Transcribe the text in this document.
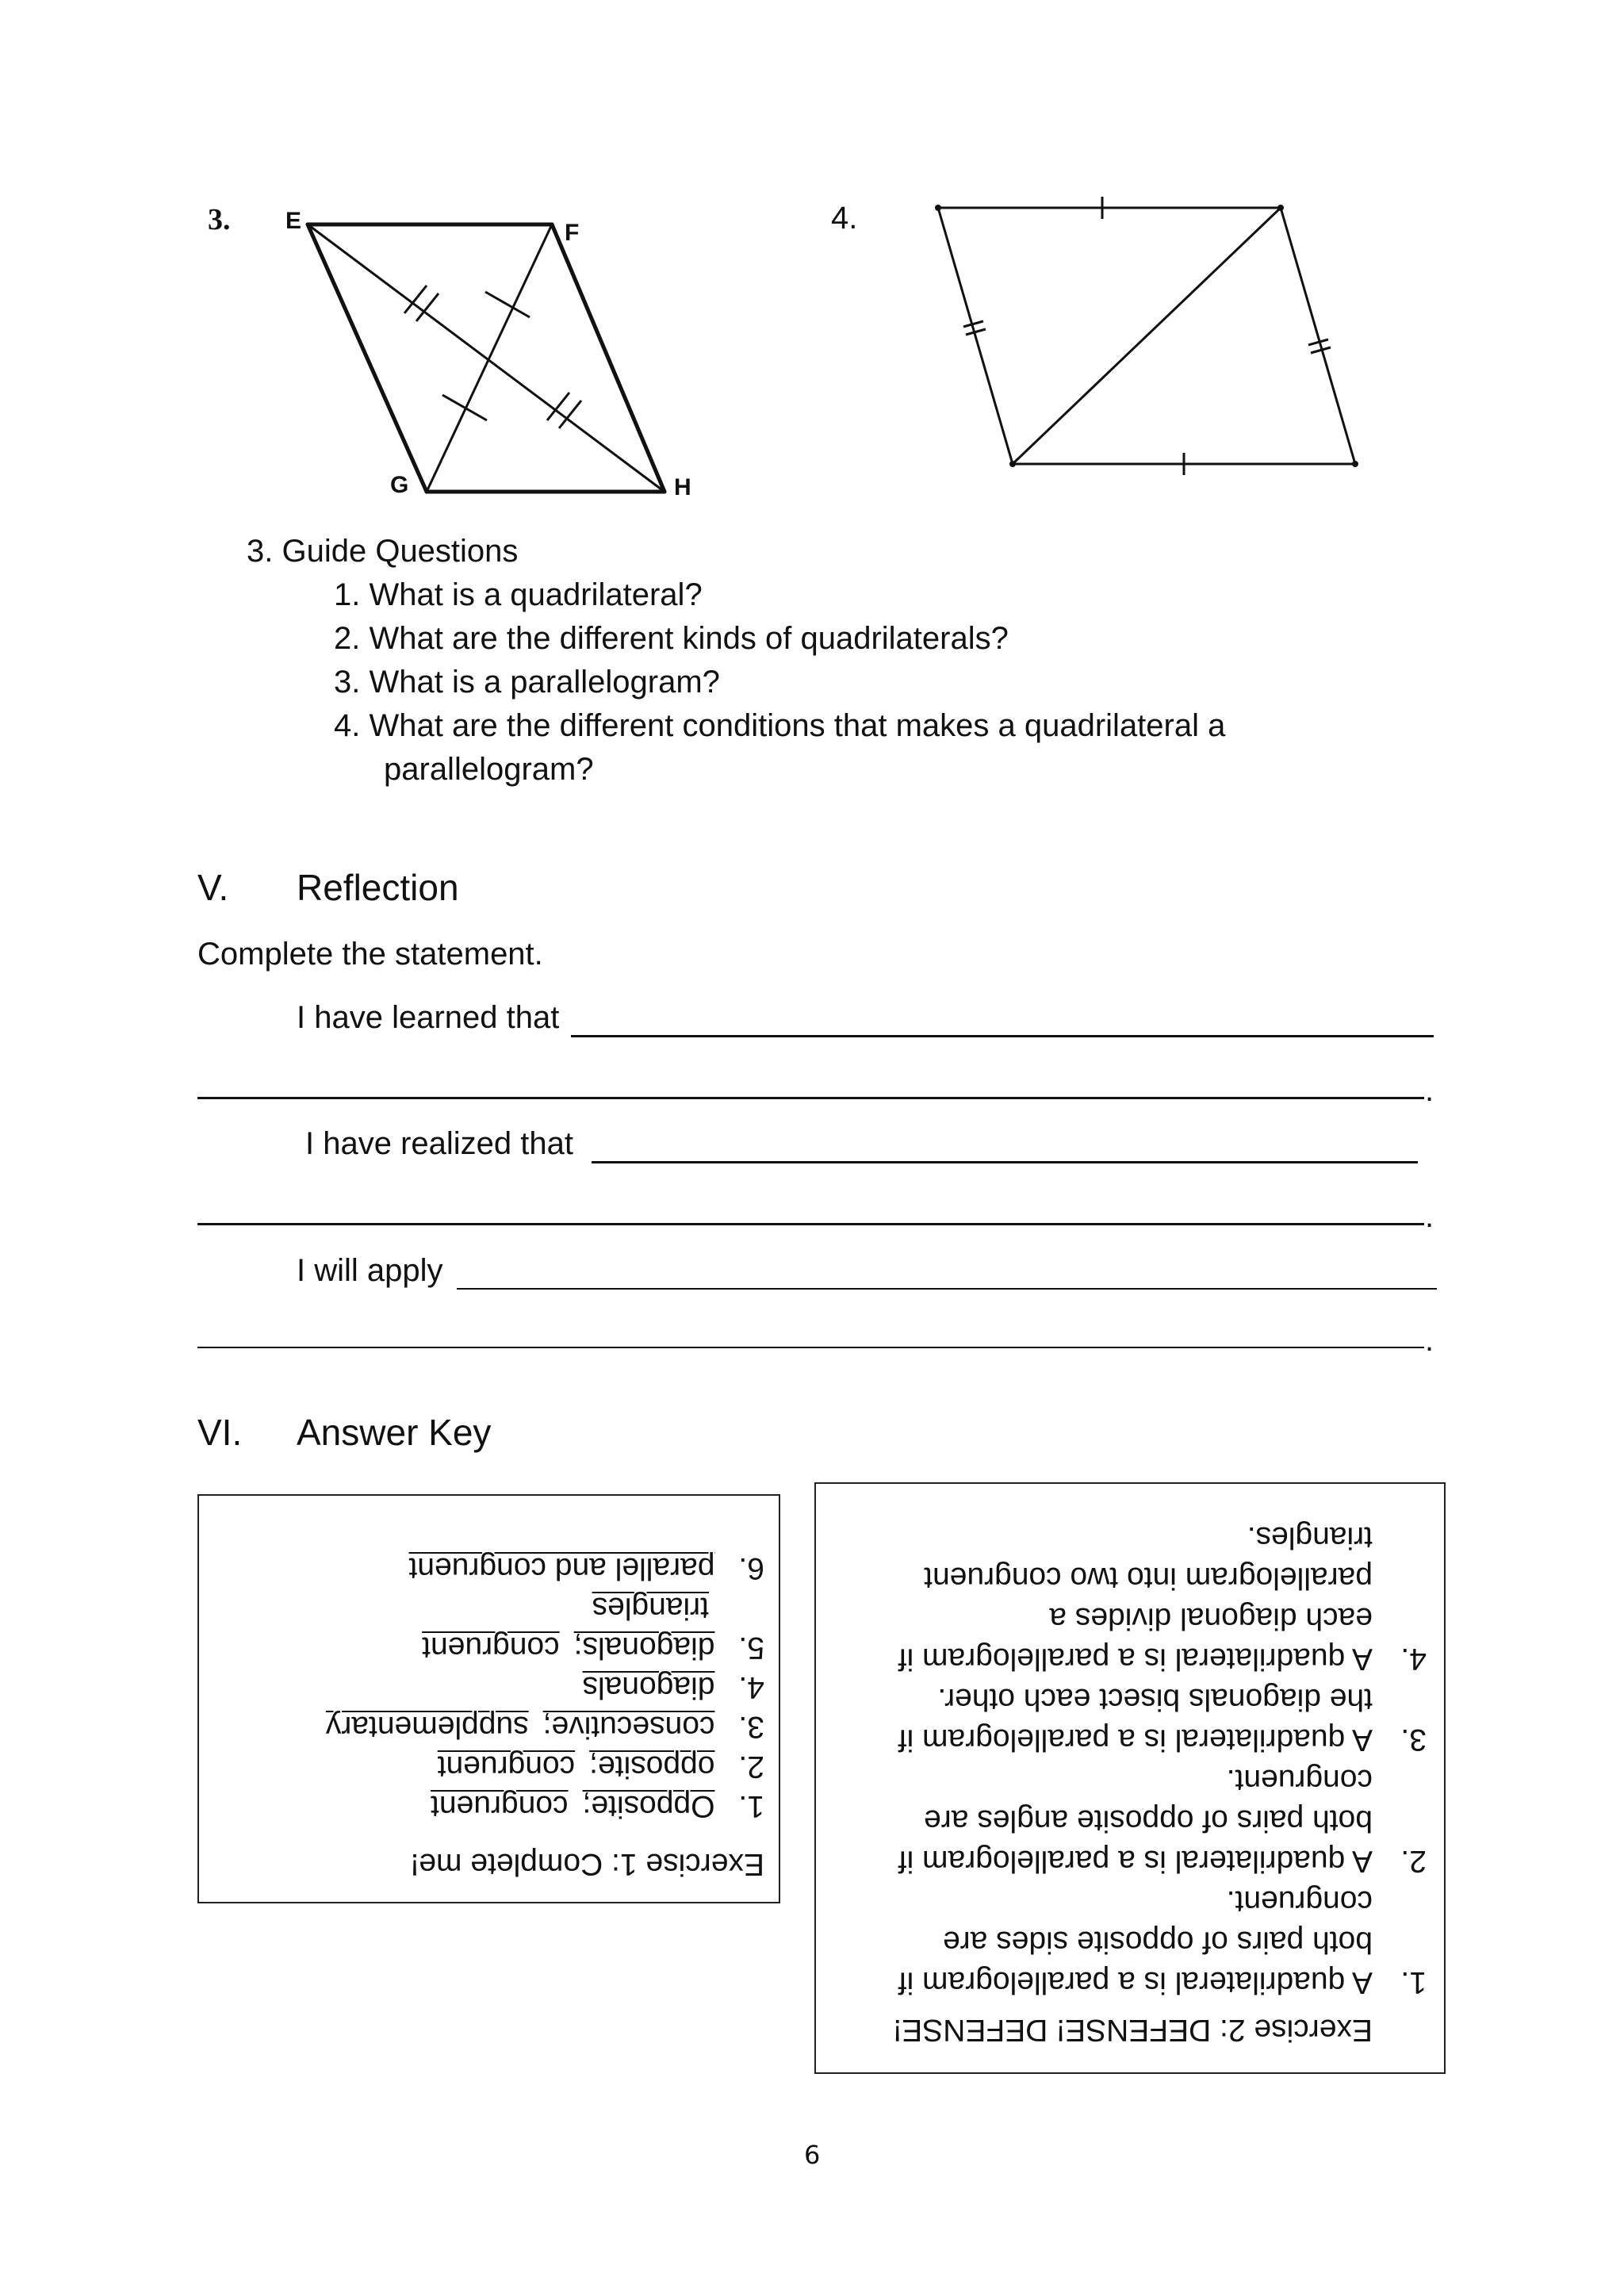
3. E	F
G	H
4.
3. Guide Questions
1. What is a quadrilateral?
2. What are the different kinds of quadrilaterals?
3. What is a parallelogram?
4. What are the different conditions that makes a quadrilateral a
parallelogram?
V. Reflection
Complete the statement.
I have learned that
.
I have realized that
.
I will apply
.
VI. Answer Key
Exercise 1: Complete me!
1.Opposite;congruent
2.opposite;congruent
3.consecutive;supplementary
4.diagonals
5.diagonals;congruent
triangles
6.parallel and congruent
Exercise 2: DEFENSE! DEFENSE!
1.
A quadrilateral is a parallelogram if
both pairs of opposite sides are
congruent.
2.
A quadrilateral is a parallelogram if
both pairs of opposite angles are
congruent.
3.
A quadrilateral is a parallelogram if
the diagonals bisect each other.
4.
A quadrilateral is a parallelogram if
each diagonal divides a
parallelogram into two congruent
triangles.
6
